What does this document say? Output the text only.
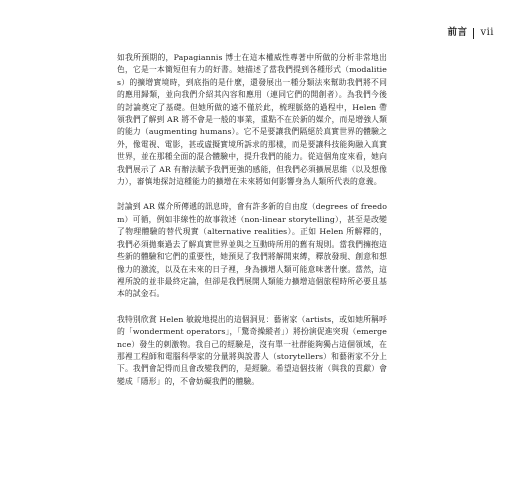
前言 vii

如我所預期的，Papagiannis 博士在這本權威性專著中所做的分析非常地出色，它是一本簡短但有力的好書。她描述了當我們提到各種形式（modalities）的擴增實境時，到底指的是什麼，還發展出一種分類法來幫助我們將不同的應用歸類，並向我們介紹其內容和應用（連同它們的開創者）。為我們今後的討論奠定了基礎。但她所做的遠不僅於此，梳理脈絡的過程中，Helen 帶領我們了解到 AR 將不會是一般的事業，重點不在於新的媒介，而是增強人類的能力（augmenting humans）。它不是要讓我們隔絕於真實世界的體驗之外，像電視、電影，甚或虛擬實境所訴求的那樣，而是要讓科技能夠融入真實世界，並在那種全面的混合體驗中，提升我們的能力。從這個角度來看，她向我們展示了 AR 有辦法賦予我們更強的感能，但我們必須擴展思維（以及想像力），審慎地探討這種能力的擴增在未來將如何影響身為人類所代表的意義。

討論到 AR 媒介所傳遞的訊息時，會有許多新的自由度（degrees of freedom）可循，例如非線性的故事敘述（non-linear storytelling），甚至是改變了物理體驗的替代現實（alternative realities）。正如 Helen 所解釋的，我們必須拋棄過去了解真實世界並與之互動時所用的舊有規則。當我們擁抱這些新的體驗和它們的重要性，她預見了我們將解開束縛，釋放發現、創意和想像力的激流，以及在未來的日子裡，身為擴增人類可能意味著什麼。當然，這裡所說的並非最終定論，但卻是我們展開人類能力擴增這個旅程時所必要且基本的試金石。

我特別欣賞 Helen 敏銳地提出的這個洞見：藝術家（artists，或如她所稱呼的「wonderment operators」，「驚奇操縱者」）將扮演促進突現（emergence）發生的刺激物。我自己的經驗是，沒有單一社群能夠獨占這個領域，在那裡工程師和電腦科學家的分量將與說書人（storytellers）和藝術家不分上下。我們會記得而且會改變我們的，是經驗。希望這個技術（與我的貢獻）會變成「隱形」的，不會妨礙我們的體驗。
